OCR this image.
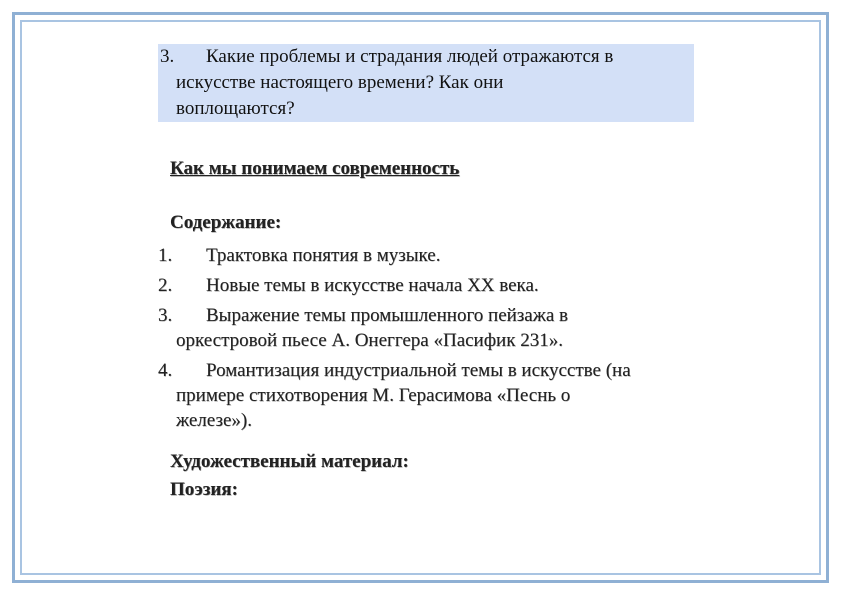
3.	Какие проблемы и страдания людей отражаются в
искусстве настоящего времени? Как они
воплощаются?
Как мы понимаем современность
Содержание:
1.	Трактовка понятия в музыке.
2.	Новые темы в искусстве начала XX века.
3.	Выражение темы промышленного пейзажа в
оркестровой пьесе А. Онеггера «Пасифик 231».
4.	Романтизация индустриальной темы в искусстве (на
примере стихотворения М. Герасимова «Песнь о
железе»).
Художественный материал:
Поэзия:
